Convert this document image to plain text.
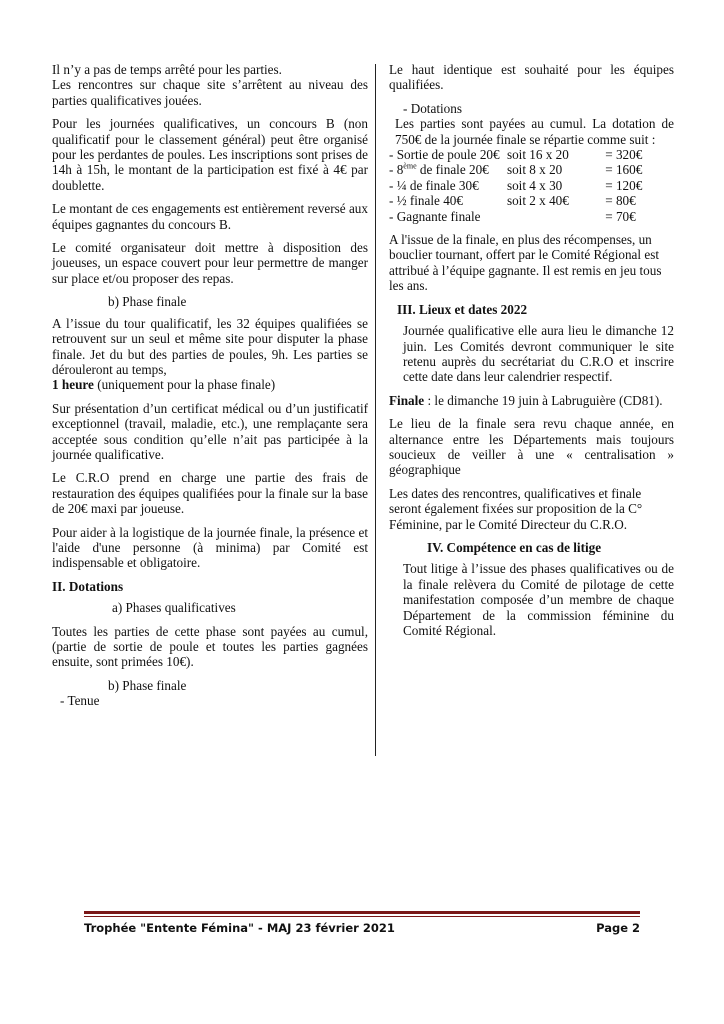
Il n’y a pas de temps arrêté pour les parties.

Les rencontres sur chaque site s’arrêtent au niveau des parties qualificatives jouées.

Pour les journées qualificatives, un concours B (non qualificatif pour le classement général) peut être organisé pour les perdantes de poules. Les inscriptions sont prises de 14h à 15h, le montant de la participation est fixé à 4€ par doublette.

Le montant de ces engagements est entièrement reversé aux équipes gagnantes du concours B.

Le comité organisateur doit mettre à disposition des joueuses, un espace couvert pour leur permettre de manger sur place et/ou proposer des repas.

b) Phase finale

A l’issue du tour qualificatif, les 32 équipes qualifiées se retrouvent sur un seul et même site pour disputer la phase finale. Jet du but des parties de poules, 9h. Les parties se dérouleront au temps,
1 heure (uniquement pour la phase finale)

Sur présentation d’un certificat médical ou d’un justificatif exceptionnel (travail, maladie, etc.), une remplaçante sera acceptée sous condition qu’elle n’ait pas participée à la journée qualificative.

Le C.R.O prend en charge une partie des frais de restauration des équipes qualifiées pour la finale sur la base de 20€ maxi par joueuse.

Pour aider à la logistique de la journée finale, la présence et l'aide d'une personne (à minima) par Comité est indispensable et obligatoire.

II. Dotations
a) Phases qualificatives

Toutes les parties de cette phase sont payées au cumul, (partie de sortie de poule et toutes les parties gagnées ensuite, sont primées 10€).

b) Phase finale
- Tenue

Le haut identique est souhaité pour les équipes qualifiées.

- Dotations

Les parties sont payées au cumul. La dotation de 750€ de la journée finale se répartie comme suit :

- Sortie de poule 20€ soit 16 x 20	= 320€
- 8ème de finale 20€	soit 8 x 20	= 160€
- ¼ de finale 30€	soit 4 x 30	= 120€
- ½ finale 40€	soit 2 x 40€	= 80€
- Gagnante finale	= 70€

A l'issue de la finale, en plus des récompenses, un bouclier tournant, offert par le Comité Régional est attribué à l’équipe gagnante. Il est remis en jeu tous les ans.

III. Lieux et dates 2022

Journée qualificative elle aura lieu le dimanche 12 juin. Les Comités devront communiquer le site retenu auprès du secrétariat du C.R.O et inscrire cette date dans leur calendrier respectif.

Finale : le dimanche 19 juin à Labruguière (CD81).

Le lieu de la finale sera revu chaque année, en alternance entre les Départements mais toujours soucieux de veiller à une « centralisation » géographique

Les dates des rencontres, qualificatives et finale seront également fixées sur proposition de la C° Féminine, par le Comité Directeur du C.R.O.

IV. Compétence en cas de litige

Tout litige à l’issue des phases qualificatives ou de la finale relèvera du Comité de pilotage de cette manifestation composée d’un membre de chaque Département de la commission féminine du Comité Régional.

Trophée "Entente Fémina" - MAJ 23 février 2021	Page 2
